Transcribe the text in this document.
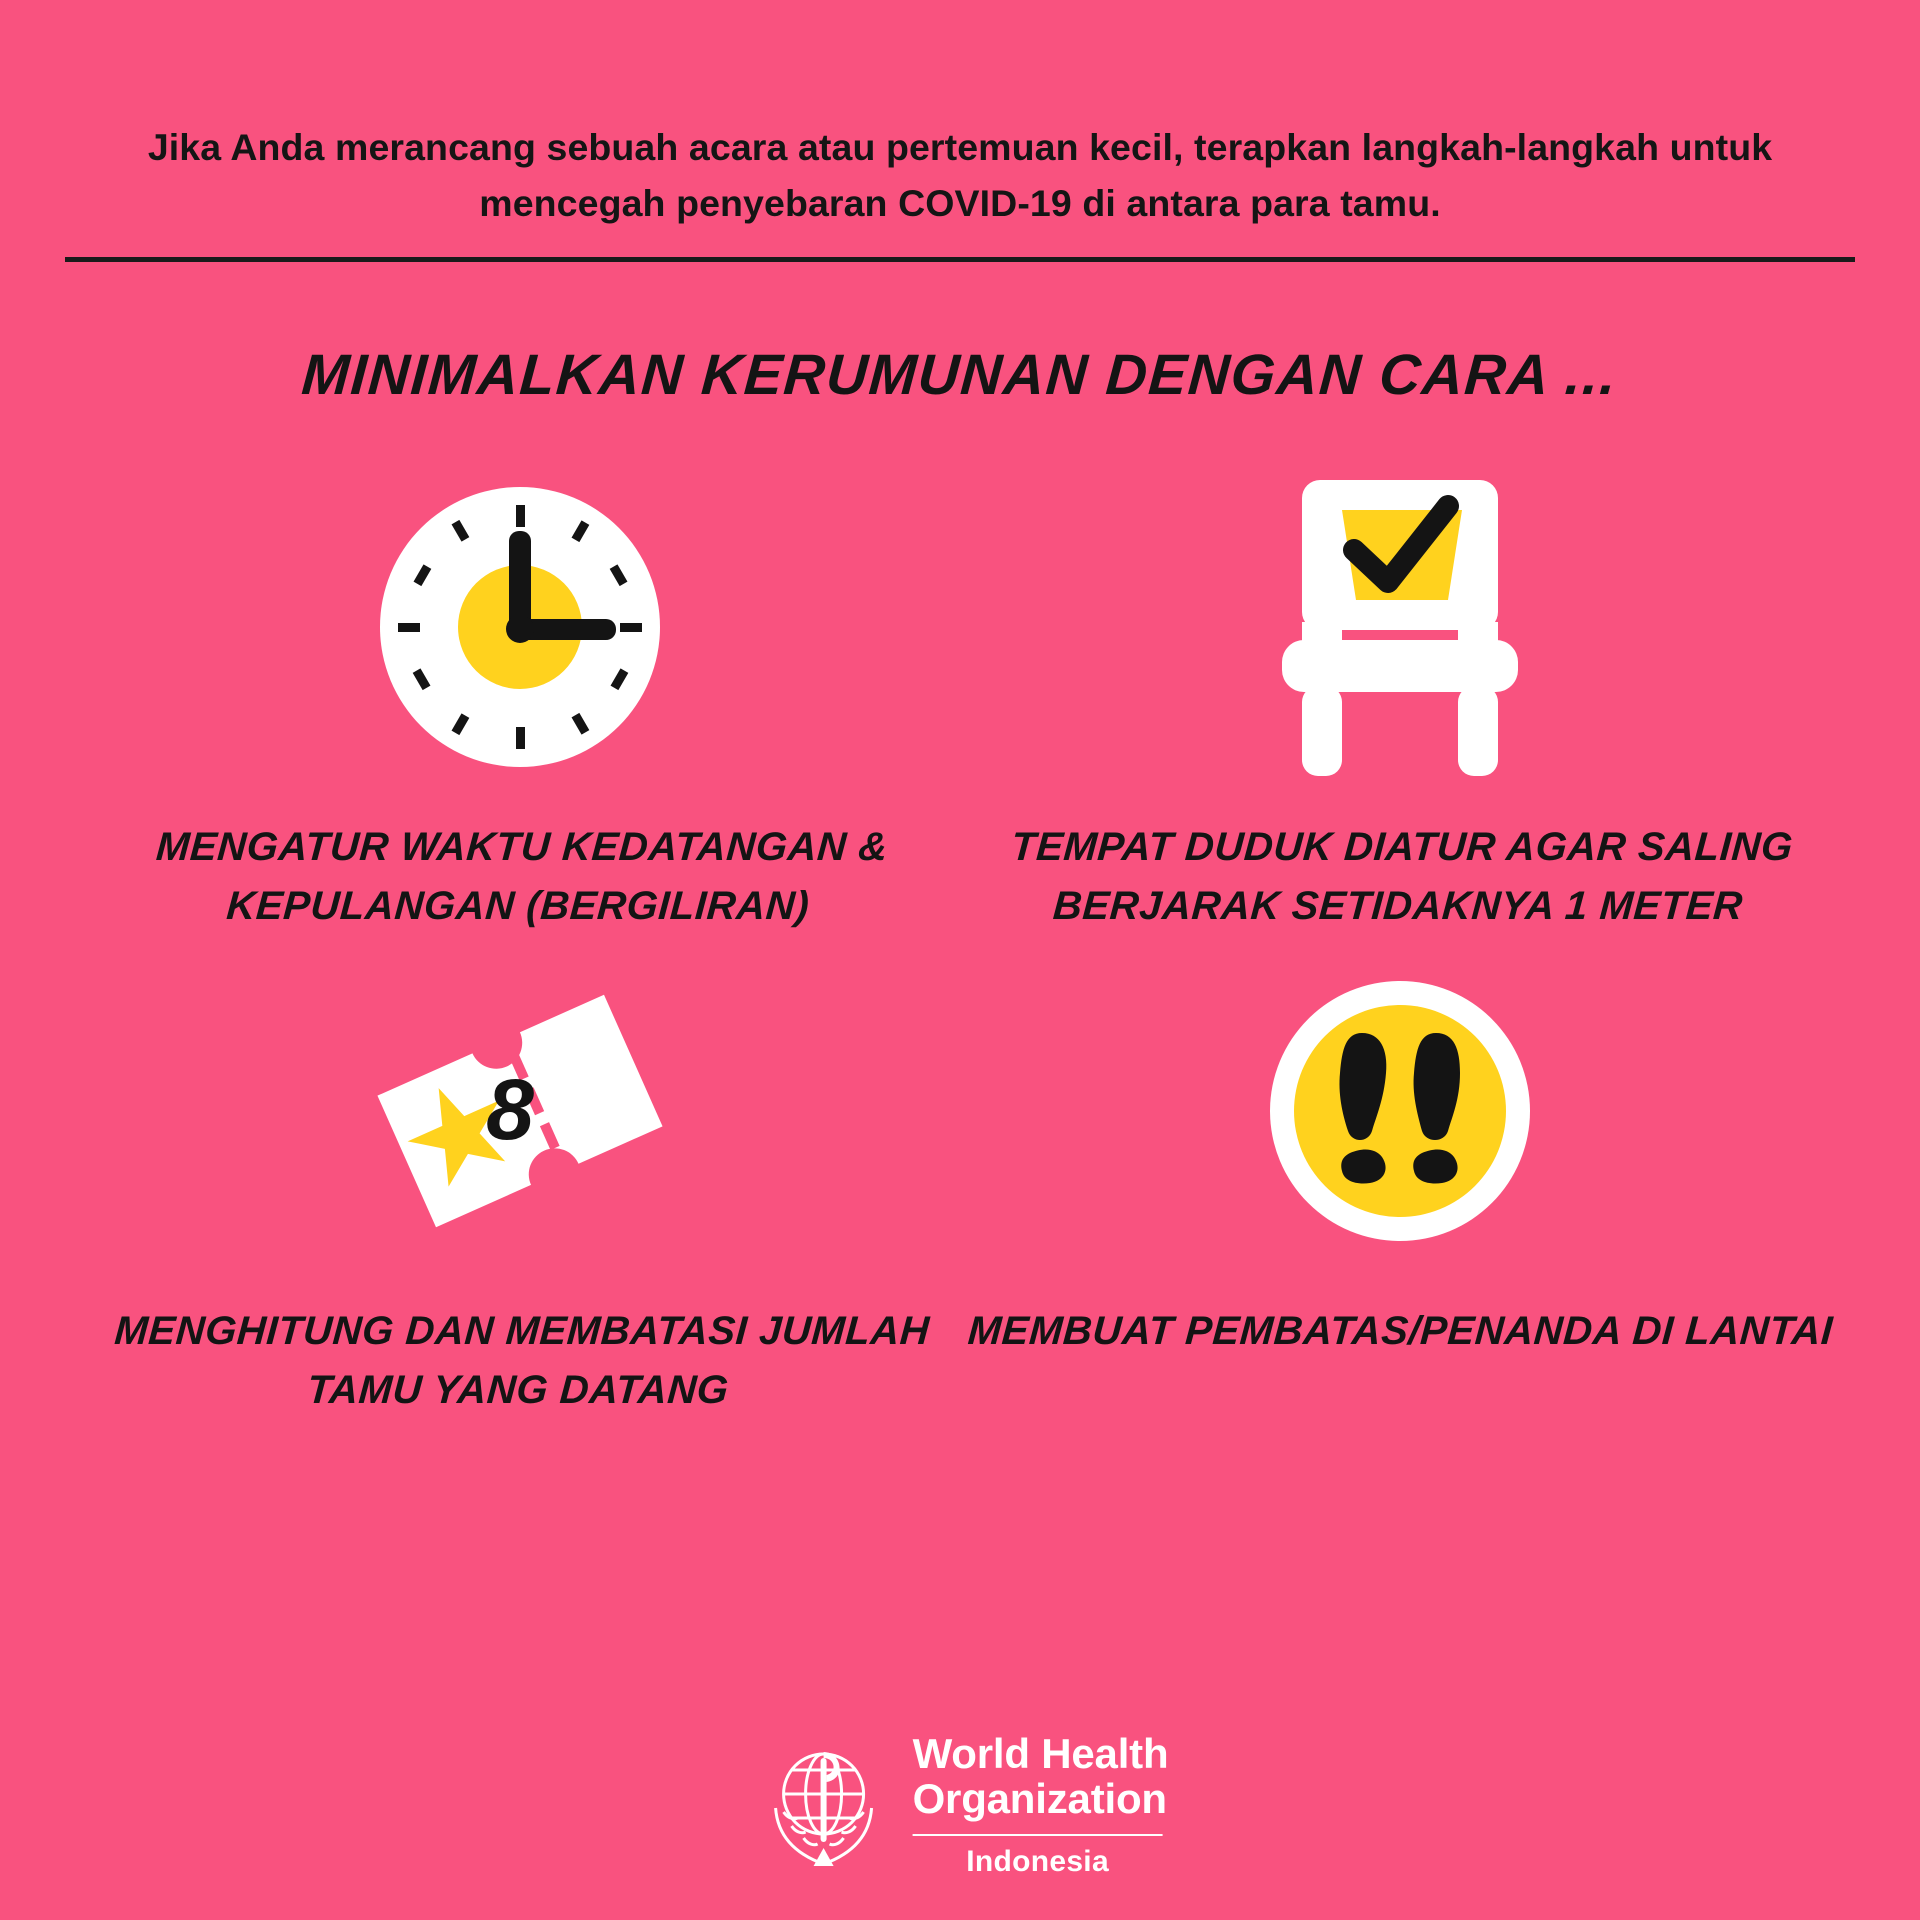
Jika Anda merancang sebuah acara atau pertemuan kecil, terapkan langkah-langkah untuk mencegah penyebaran COVID-19 di antara para tamu.
MINIMALKAN KERUMUNAN DENGAN CARA ...
MENGATUR WAKTU KEDATANGAN & KEPULANGAN (BERGILIRAN)
TEMPAT DUDUK DIATUR AGAR SALING BERJARAK SETIDAKNYA 1 METER
8
MENGHITUNG DAN MEMBATASI JUMLAH TAMU YANG DATANG
MEMBUAT PEMBATAS/PENANDA DI LANTAI
World Health
Organization
Indonesia
